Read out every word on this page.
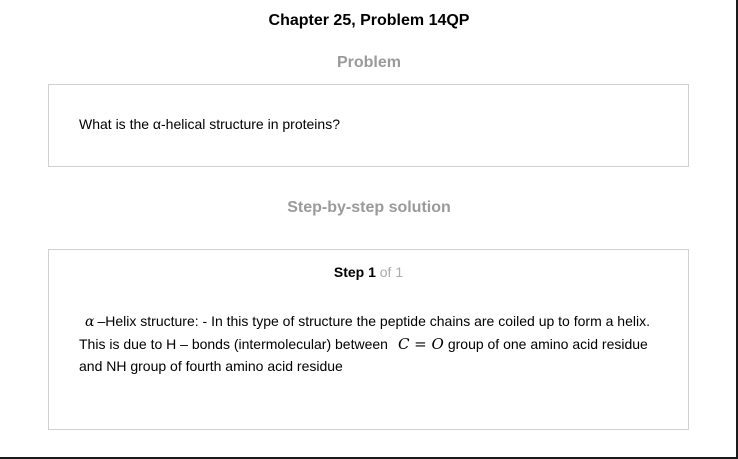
Chapter 25, Problem 14QP
Problem
What is the α-helical structure in proteins?
Step-by-step solution
Step 1 of 1
α –Helix structure: - In this type of structure the peptide chains are coiled up to form a helix. This is due to H – bonds (intermolecular) between C = O group of one amino acid residue and NH group of fourth amino acid residue
